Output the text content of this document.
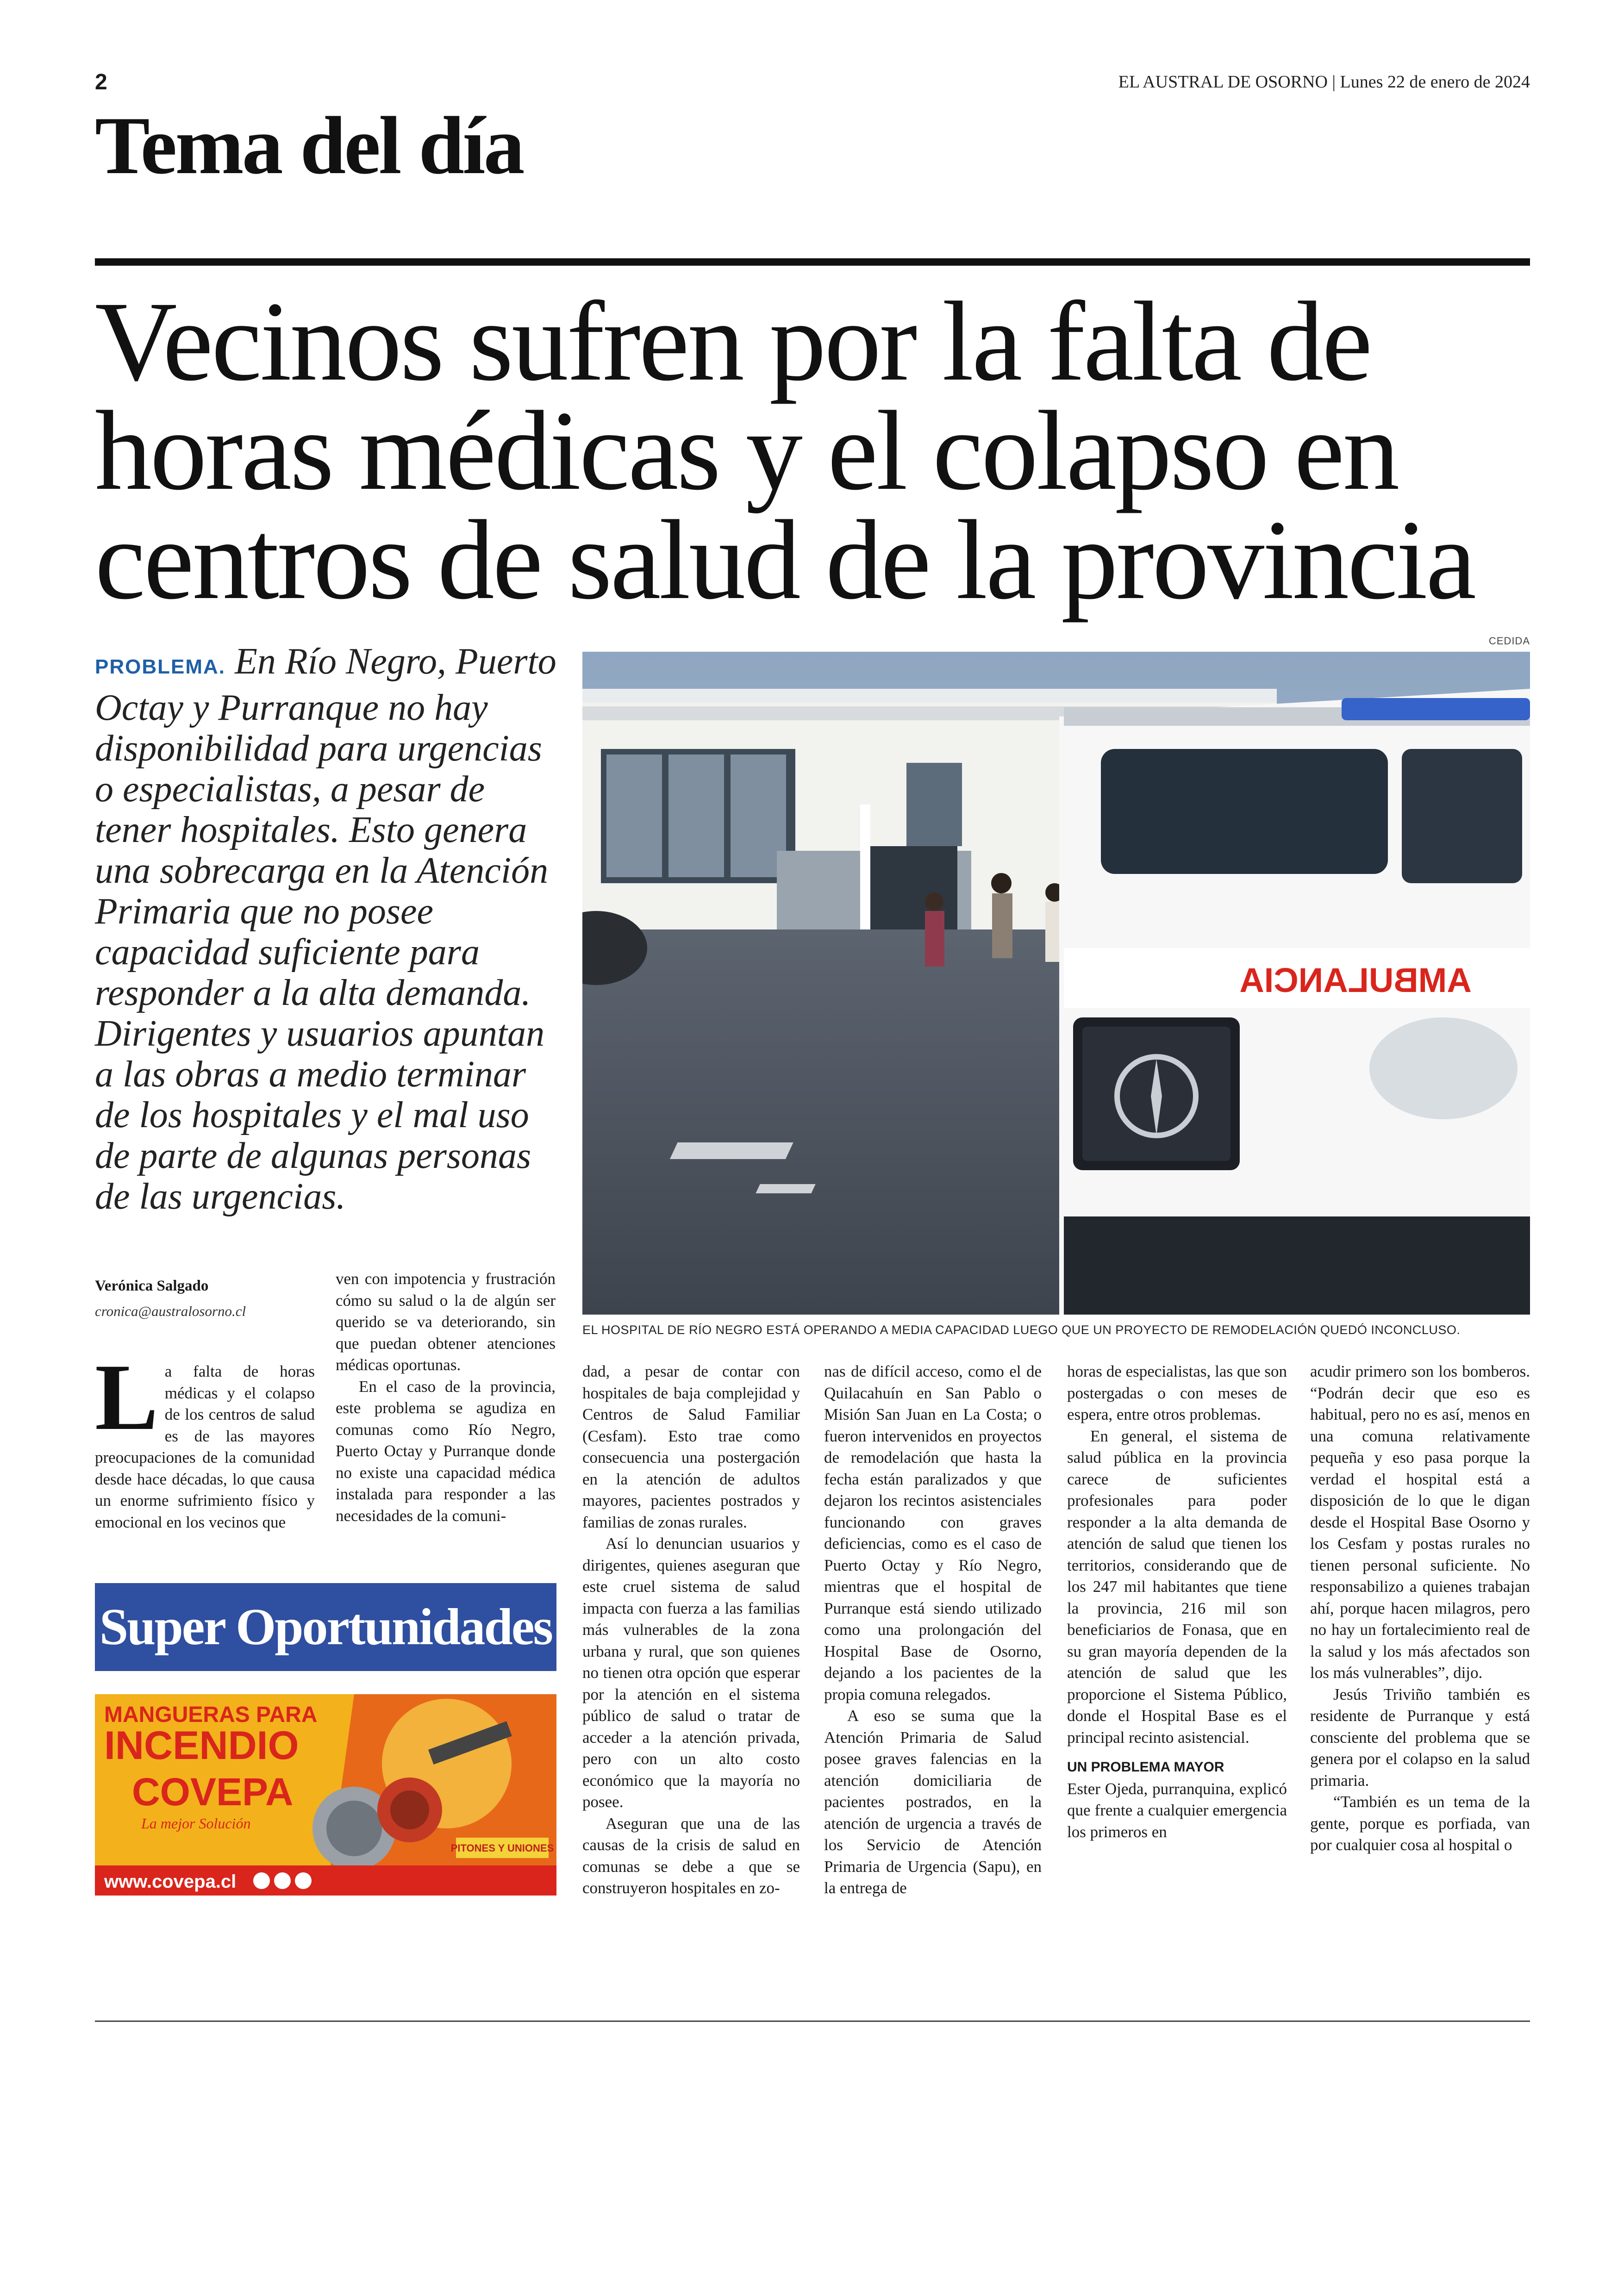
2	EL AUSTRAL DE OSORNO | Lunes 22 de enero de 2024
Tema del día
Vecinos sufren por la falta de horas médicas y el colapso en centros de salud de la provincia
PROBLEMA. En Río Negro, Puerto Octay y Purranque no hay disponibilidad para urgencias o especialistas, a pesar de tener hospitales. Esto genera una sobrecarga en la Atención Primaria que no posee capacidad suficiente para responder a la alta demanda. Dirigentes y usuarios apuntan a las obras a medio terminar de los hospitales y el mal uso de parte de algunas personas de las urgencias.
CEDIDA
AMBULANCIA
EL HOSPITAL DE RÍO NEGRO ESTÁ OPERANDO A MEDIA CAPACIDAD LUEGO QUE UN PROYECTO DE REMODELACIÓN QUEDÓ INCONCLUSO.
Verónica Salgado
cronica@australosorno.cl
L a falta de horas médicas y el colapso de los centros de salud es de las mayores preocupaciones de la comunidad desde hace décadas, lo que causa un enorme sufrimiento físico y emocional en los vecinos que

ven con impotencia y frustración cómo su salud o la de algún ser querido se va deteriorando, sin que puedan obtener atenciones médicas oportunas.

En el caso de la provincia, este problema se agudiza en comunas como Río Negro, Puerto Octay y Purranque donde no existe una capacidad médica instalada para responder a las necesidades de la comuni-

dad, a pesar de contar con hospitales de baja complejidad y Centros de Salud Familiar (Cesfam). Esto trae como consecuencia una postergación en la atención de adultos mayores, pacientes postrados y familias de zonas rurales.

Así lo denuncian usuarios y dirigentes, quienes aseguran que este cruel sistema de salud impacta con fuerza a las familias más vulnerables de la zona urbana y rural, que son quienes no tienen otra opción que esperar por la atención en el sistema público de salud o tratar de acceder a la atención privada, pero con un alto costo económico que la mayoría no posee.

Aseguran que una de las causas de la crisis de salud en comunas se debe a que se construyeron hospitales en zo-

nas de difícil acceso, como el de Quilacahuín en San Pablo o Misión San Juan en La Costa; o fueron intervenidos en proyectos de remodelación que hasta la fecha están paralizados y que dejaron los recintos asistenciales funcionando con graves deficiencias, como es el caso de Puerto Octay y Río Negro, mientras que el hospital de Purranque está siendo utilizado como una prolongación del Hospital Base de Osorno, dejando a los pacientes de la propia comuna relegados.

A eso se suma que la Atención Primaria de Salud posee graves falencias en la atención domiciliaria de pacientes postrados, en la atención de urgencia a través de los Servicio de Atención Primaria de Urgencia (Sapu), en la entrega de

horas de especialistas, las que son postergadas o con meses de espera, entre otros problemas.

En general, el sistema de salud pública en la provincia carece de suficientes profesionales para poder responder a la alta demanda de atención de salud que tienen los territorios, considerando que de los 247 mil habitantes que tiene la provincia, 216 mil son beneficiarios de Fonasa, que en su gran mayoría dependen de la atención de salud que les proporcione el Sistema Público, donde el Hospital Base es el principal recinto asistencial.

UN PROBLEMA MAYOR

Ester Ojeda, purranquina, explicó que frente a cualquier emergencia los primeros en

acudir primero son los bomberos. “Podrán decir que eso es habitual, pero no es así, menos en una comuna relativamente pequeña y eso pasa porque la verdad el hospital está a disposición de lo que le digan desde el Hospital Base Osorno y los Cesfam y postas rurales no tienen personal suficiente. No responsabilizo a quienes trabajan ahí, porque hacen milagros, pero no hay un fortalecimiento real de la salud y los más afectados son los más vulnerables”, dijo.

Jesús Triviño también es residente de Purranque y está consciente del problema que se genera por el colapso en la salud primaria.

“También es un tema de la gente, porque es porfiada, van por cualquier cosa al hospital o

Super Oportunidades
MANGUERAS PARA
INCENDIO
COVEPA
La mejor Solución
PITONES Y UNIONES
www.covepa.cl
